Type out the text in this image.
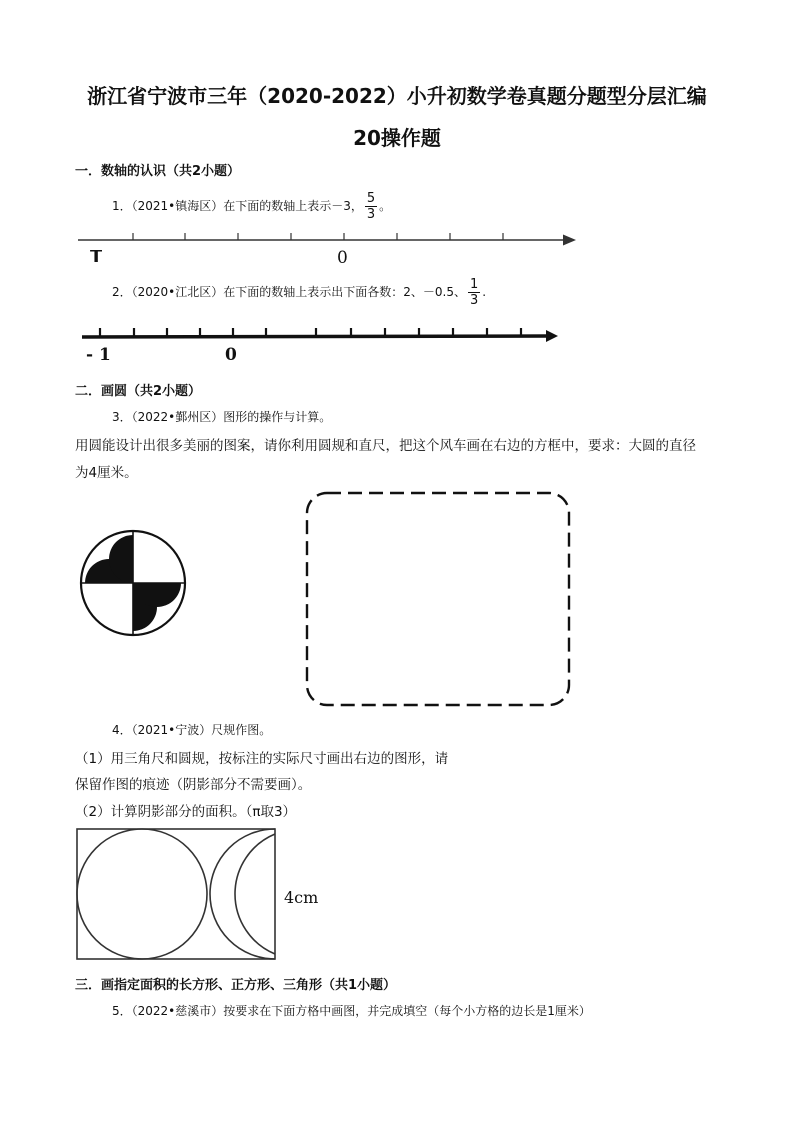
浙江省宁波市三年（2020-2022）小升初数学卷真题分题型分层汇编
20操作题
一．数轴的认识（共2小题）
1．（2021•镇海区）在下面的数轴上表示－3， $\frac{5}{3}$ 。
0
T
2．（2020•江北区）在下面的数轴上表示出下面各数：2、－0.5、 $\frac{1}{3}$ .
- 1	0
二．画圆（共2小题）
3．（2022•鄞州区）图形的操作与计算。
用圆能设计出很多美丽的图案，请你利用圆规和直尺，把这个风车画在右边的方框中，要求：大圆的直径
为4厘米。
4．（2021•宁波）尺规作图。
（1）用三角尺和圆规，按标注的实际尺寸画出右边的图形，请
保留作图的痕迹（阴影部分不需要画）。
（2）计算阴影部分的面积。（π取3）
4cm
三．画指定面积的长方形、正方形、三角形（共1小题）
5．（2022•慈溪市）按要求在下面方格中画图，并完成填空（每个小方格的边长是1厘米）
